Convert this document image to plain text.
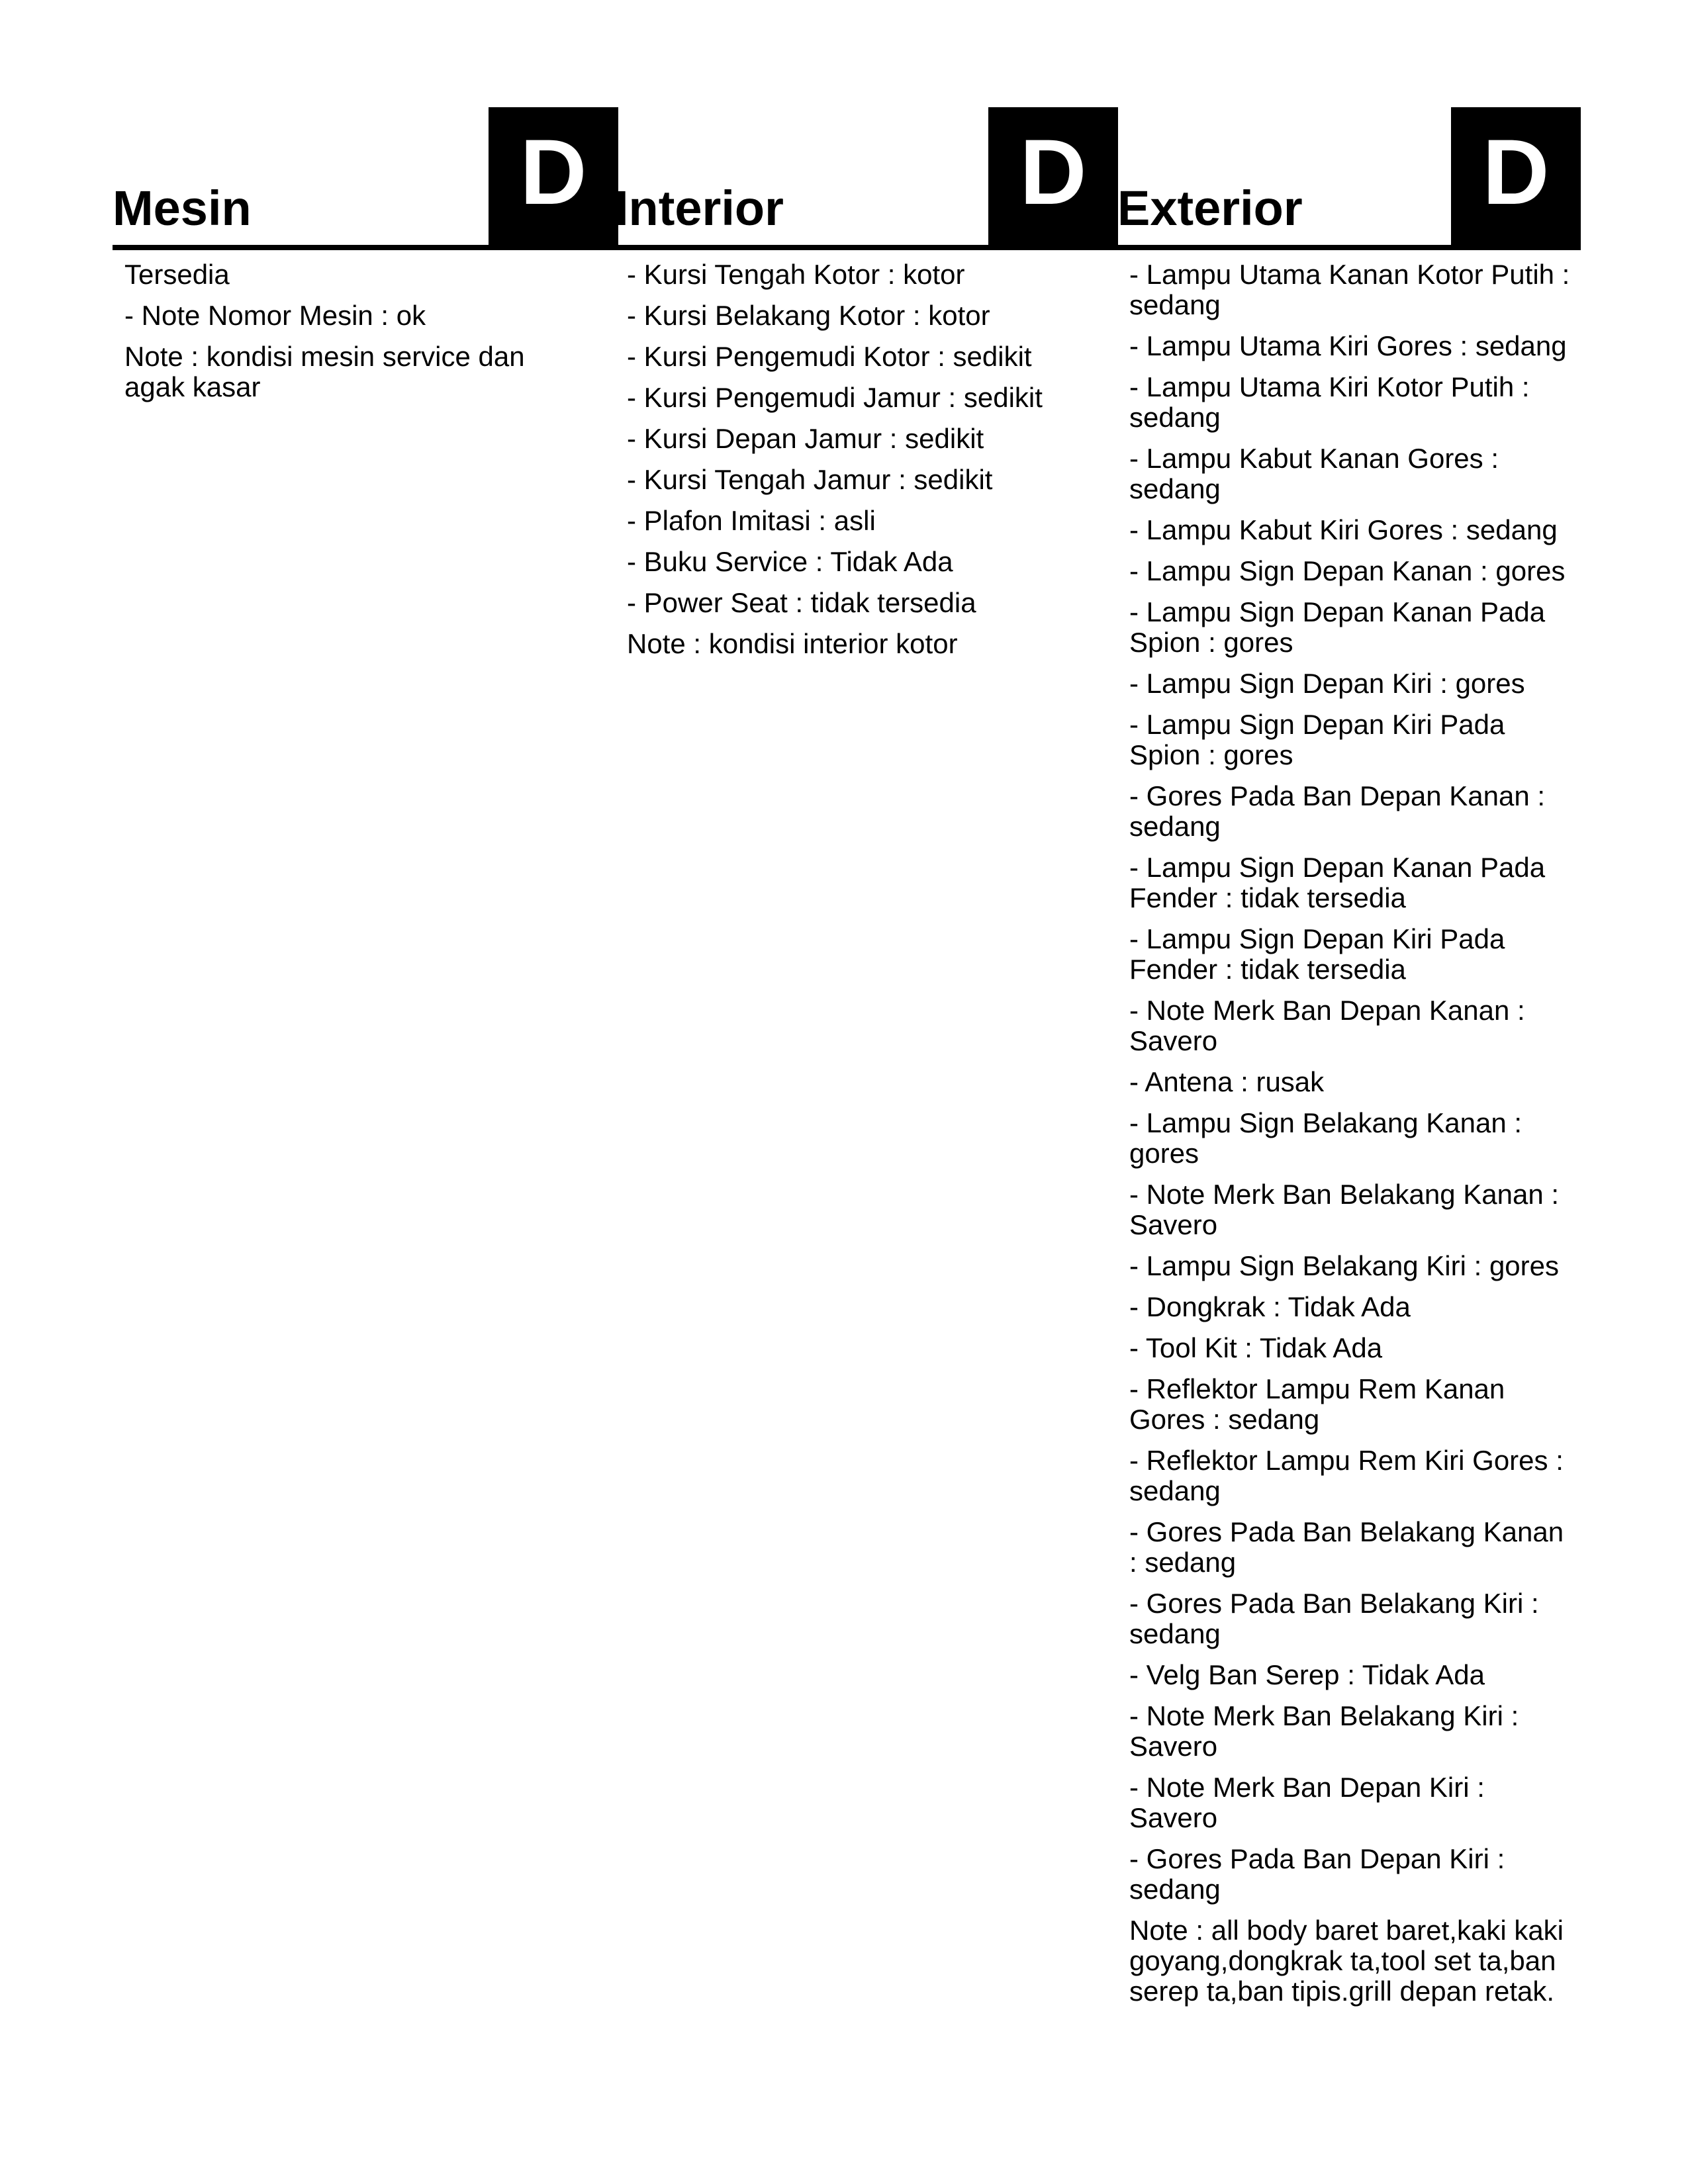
Mesin	D
Tersedia
- Note Nomor Mesin : ok
Note : kondisi mesin service dan agak kasar
Interior	D
- Kursi Tengah Kotor : kotor
- Kursi Belakang Kotor : kotor
- Kursi Pengemudi Kotor : sedikit
- Kursi Pengemudi Jamur : sedikit
- Kursi Depan Jamur : sedikit
- Kursi Tengah Jamur : sedikit
- Plafon Imitasi : asli
- Buku Service : Tidak Ada
- Power Seat : tidak tersedia
Note : kondisi interior kotor
Exterior	D
- Lampu Utama Kanan Kotor Putih : sedang
- Lampu Utama Kiri Gores : sedang
- Lampu Utama Kiri Kotor Putih : sedang
- Lampu Kabut Kanan Gores : sedang
- Lampu Kabut Kiri Gores : sedang
- Lampu Sign Depan Kanan : gores
- Lampu Sign Depan Kanan Pada Spion : gores
- Lampu Sign Depan Kiri : gores
- Lampu Sign Depan Kiri Pada Spion : gores
- Gores Pada Ban Depan Kanan : sedang
- Lampu Sign Depan Kanan Pada Fender : tidak tersedia
- Lampu Sign Depan Kiri Pada Fender : tidak tersedia
- Note Merk Ban Depan Kanan : Savero
- Antena : rusak
- Lampu Sign Belakang Kanan : gores
- Note Merk Ban Belakang Kanan : Savero
- Lampu Sign Belakang Kiri : gores
- Dongkrak : Tidak Ada
- Tool Kit : Tidak Ada
- Reflektor Lampu Rem Kanan Gores : sedang
- Reflektor Lampu Rem Kiri Gores : sedang
- Gores Pada Ban Belakang Kanan : sedang
- Gores Pada Ban Belakang Kiri : sedang
- Velg Ban Serep : Tidak Ada
- Note Merk Ban Belakang Kiri : Savero
- Note Merk Ban Depan Kiri : Savero
- Gores Pada Ban Depan Kiri : sedang
Note : all body baret baret,kaki kaki goyang,dongkrak ta,tool set ta,ban serep ta,ban tipis.grill depan retak.
